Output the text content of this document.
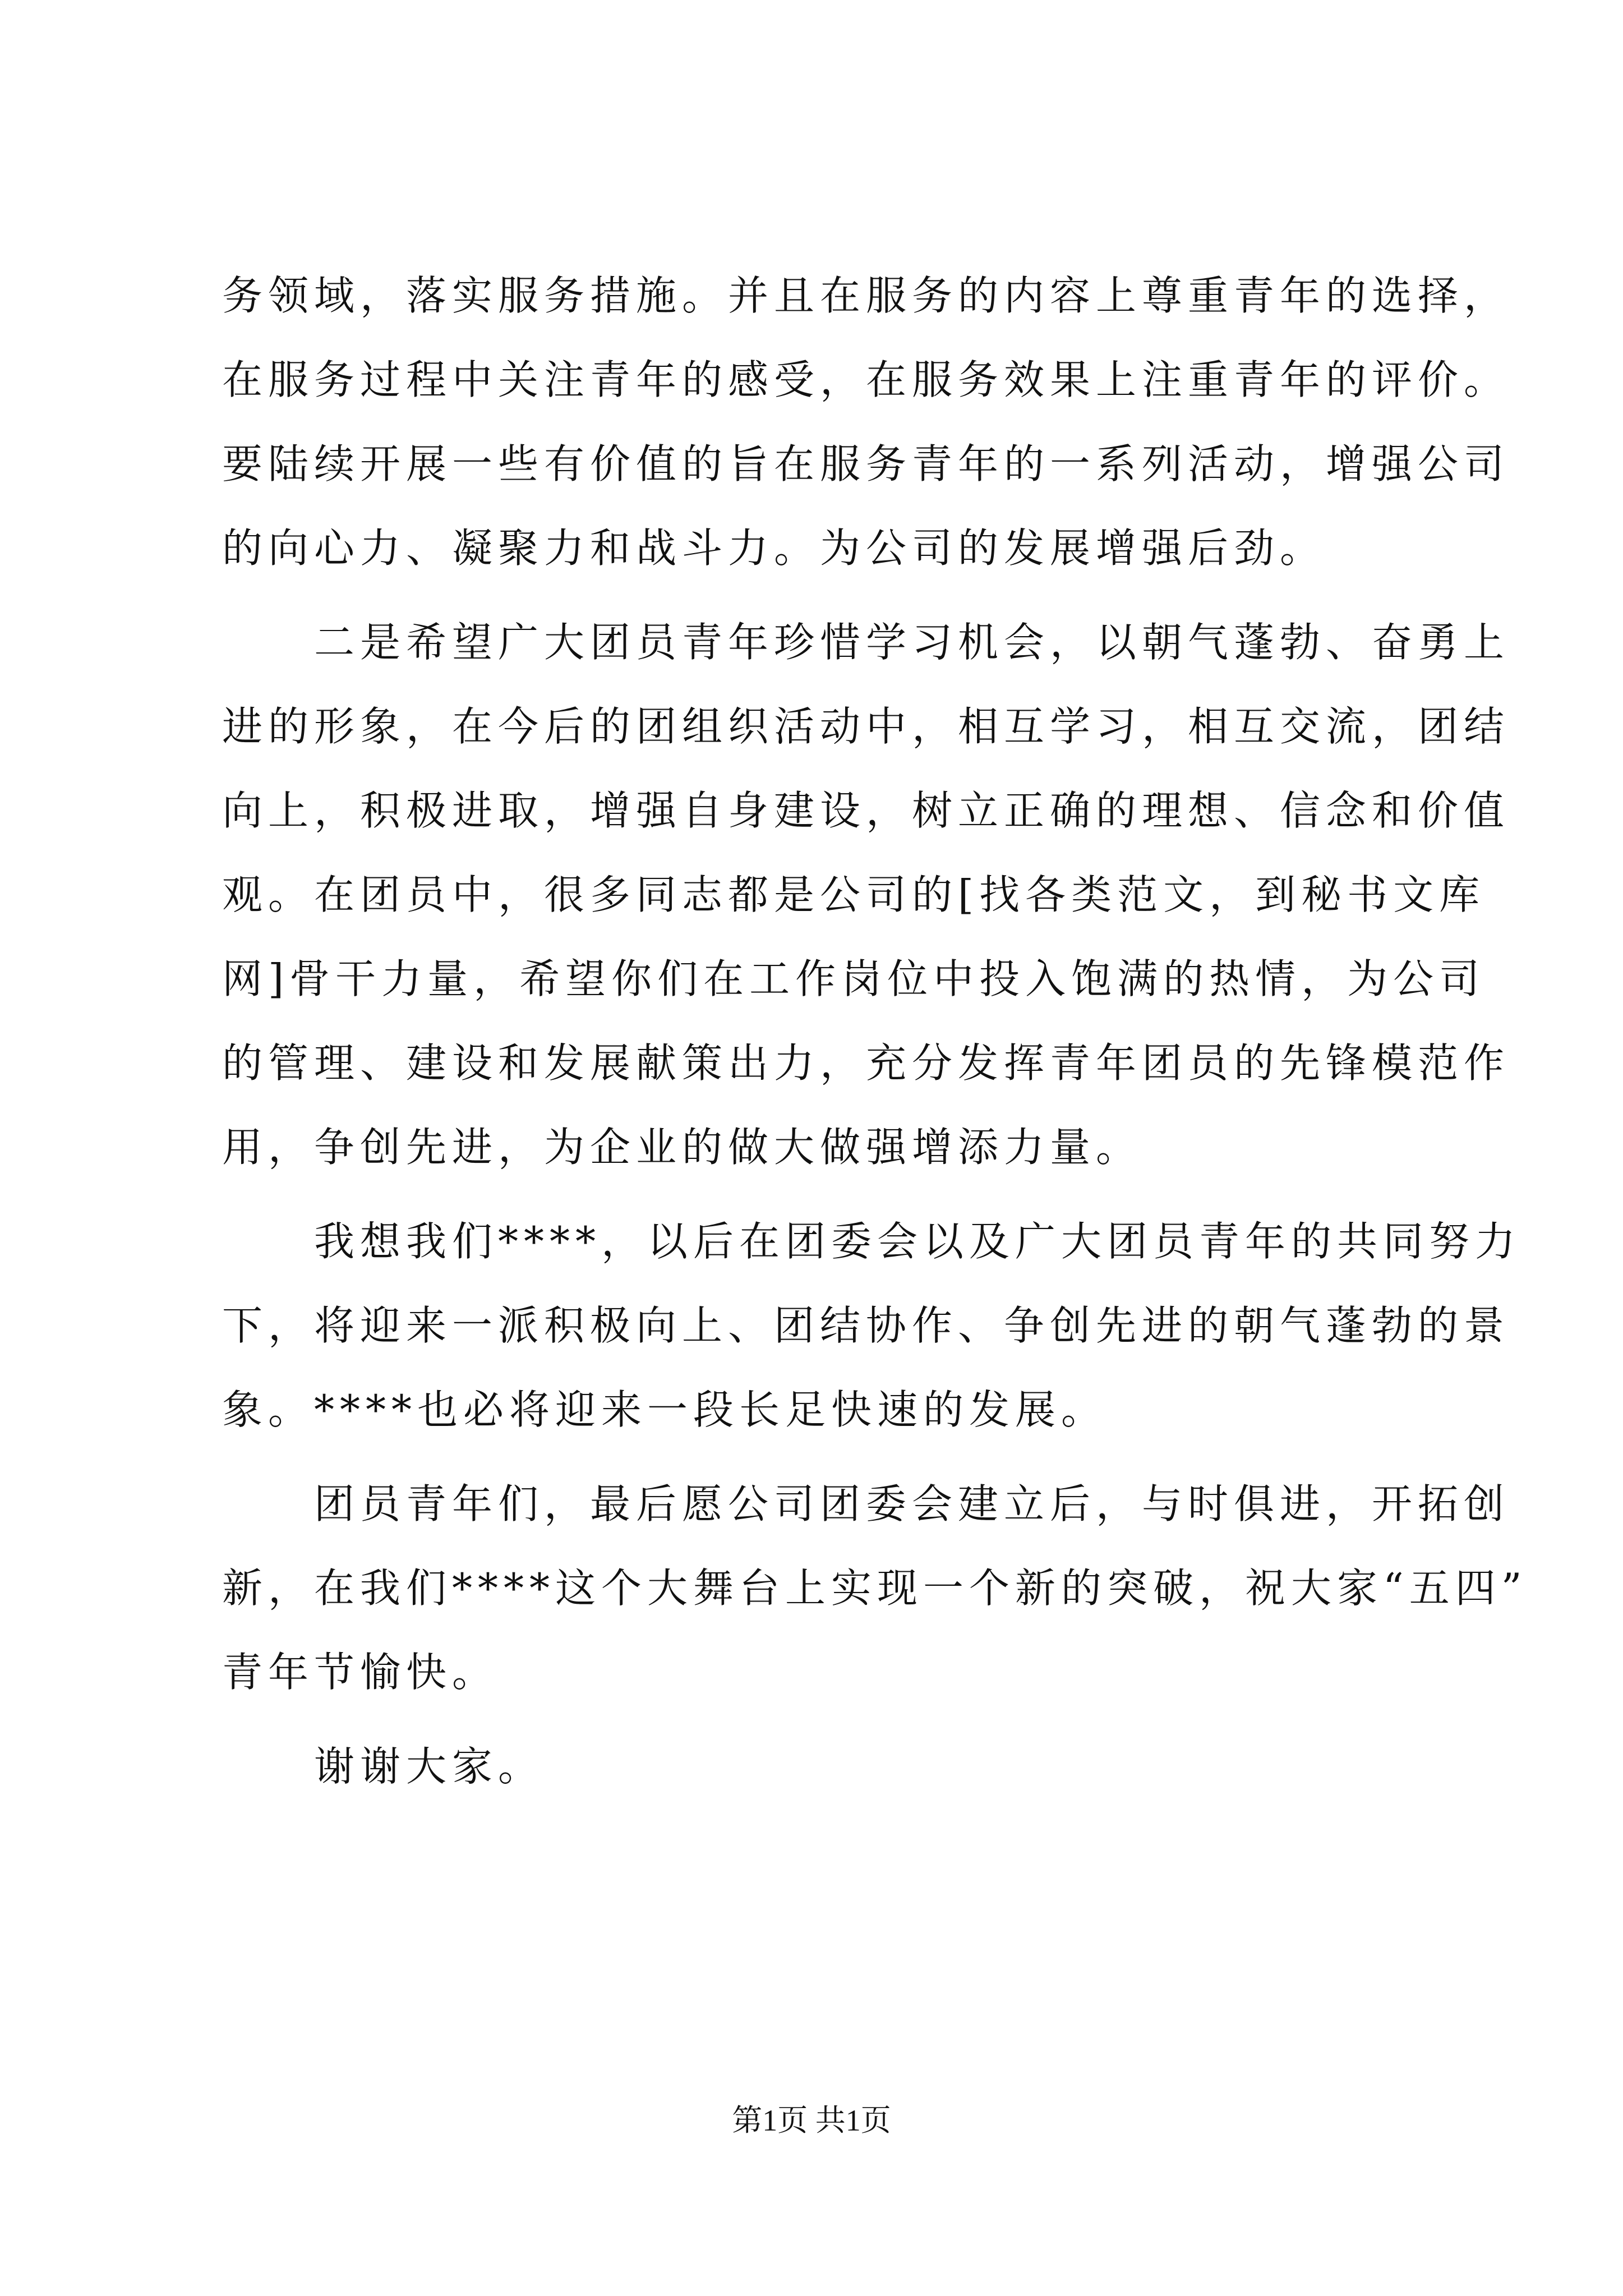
务领域，落实服务措施。并且在服务的内容上尊重青年的选择，
在服务过程中关注青年的感受，在服务效果上注重青年的评价。
要陆续开展一些有价值的旨在服务青年的一系列活动，增强公司
的向心力、凝聚力和战斗力。为公司的发展增强后劲。
　　二是希望广大团员青年珍惜学习机会，以朝气蓬勃、奋勇上
进的形象，在今后的团组织活动中，相互学习，相互交流，团结
向上，积极进取，增强自身建设，树立正确的理想、信念和价值
观。在团员中，很多同志都是公司的[找各类范文，到秘书文库
网]骨干力量，希望你们在工作岗位中投入饱满的热情，为公司
的管理、建设和发展献策出力，充分发挥青年团员的先锋模范作
用，争创先进，为企业的做大做强增添力量。
　　我想我们****，以后在团委会以及广大团员青年的共同努力
下，将迎来一派积极向上、团结协作、争创先进的朝气蓬勃的景
象。****也必将迎来一段长足快速的发展。
　　团员青年们，最后愿公司团委会建立后，与时俱进，开拓创
新，在我们****这个大舞台上实现一个新的突破，祝大家“五四”
青年节愉快。
　　谢谢大家。
第1页 共1页
